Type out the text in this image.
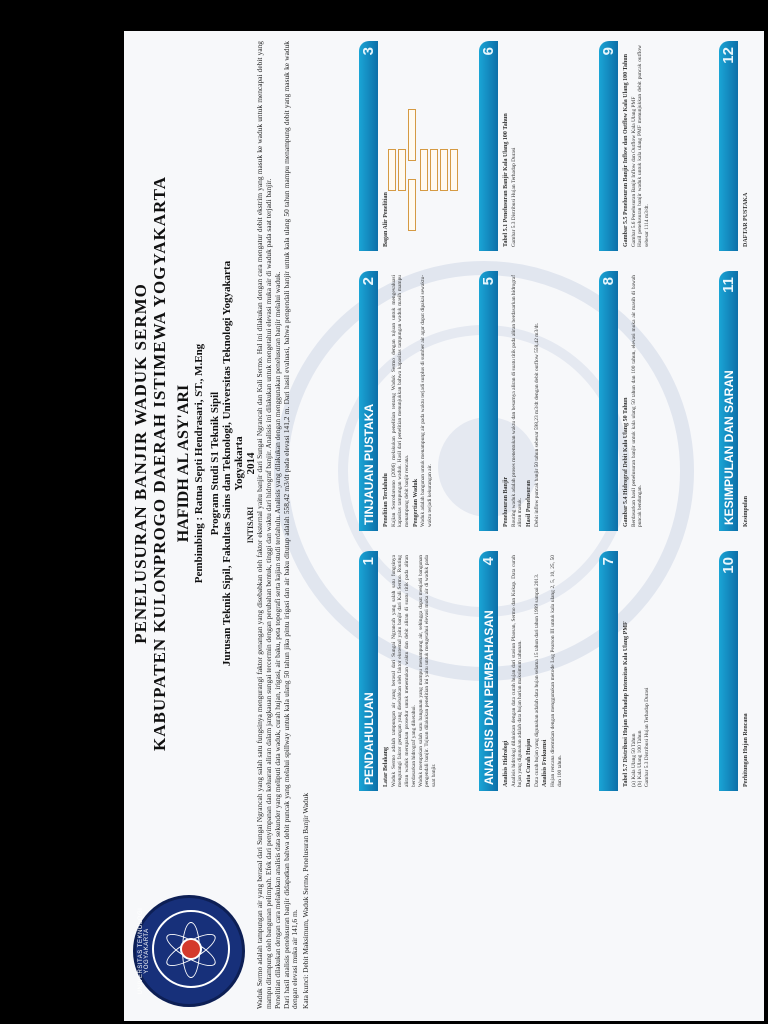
UNIVERSITAS TEKNOLOGI YOGYAKARTA
PENELUSURAN BANJIR WADUK SERMO KABUPATEN KULONPROGO DAERAH ISTIMEWA YOGYAKARTA HAFIDH AL ASY'ARI Pembimbing : Ratna Septi Hendrasari, ST., M.Eng Program Studi S1 Teknik Sipil Jurusan Teknik Sipil, Fakultas Sains dan Teknologi, Universitas Teknologi Yogyakarta Yogyakarta 2014
INTISARI Waduk Sermo adalah tampungan air yang berasal dari Sungai Ngrancah yang salah satu fungsinya mengurangi faktor genangan yang disebabkan oleh faktor eksternal yaitu banjir dari Sungai Ngrancah dan Kali Sermo. Hal ini dilakukan dengan cara mengatur debit ekstrim yang masuk ke waduk untuk mencapai debit yang mampu ditampung oleh bangunan pelimpah. Efek dari penyimpanan dan keluaran aliran dalam jangkauan sungai tercermin dengan perubahan bentuk, tinggi dan waktu dari hidrograf banjir. Analisis ini dilakukan untuk mengetahui elevasi muka air di waduk pada saat terjadi banjir. Penelitian dilakukan dengan cara melakukan analisis data sekunder yang meliputi data waduk, curah hujan, irigasi, air baku, peta topografi serta kajian studi terdahulu. Analisis yang dilakukan dengan menggunakan penelusuran banjir melalui waduk. Dari hasil analisis penelusuran banjir didapatkan bahwa debit puncak yang melalui spillway untuk kala ulang 50 tahun jika pintu irigasi dan air baku ditutup adalah 558,42 m3/dt pada elevasi 141,2 m. Dari hasil evaluasi, bahwa pengendali banjir untuk kala ulang 50 tahun mampu menampung debit yang masuk ke waduk dengan elevasi muka air 141,6 m. Kata kunci: Debit Maksimum, Waduk Sermo, Penelusuran Banjir Waduk
PENDAHULUAN
1
Latar Belakang Waduk Sermo adalah tampungan air yang berasal dari Sungai Ngrancah yang salah satu fungsinya mengurangi faktor genangan yang disebabkan oleh faktor eksternal yaitu banjir dari Kali Sermo. Routing aliran waduk merupakan prosedur untuk menentukan waktu dan debit aliran di suatu titik pada aliran berdasarkan hidrograf yang diketahui. Waduk merupakan salah satu bangunan yang mampu menampung air, sehingga dapat menjadi bangunan pengendali banjir. Tujuan dilakukan penelitian ini yaitu untuk mengetahui elevasi muka air di waduk pada saat banjir.
TINJAUAN PUSTAKA
2
Penelitian Terdahulu Kajian Sosrodarsono (2006) melakukan penelitian tentang Waduk Sermo dengan tujuan untuk mengevaluasi kapasitas tampungan waduk. Hasil dari penelitian menunjukkan bahwa kapasitas tampungan waduk masih mampu menampung debit banjir rencana. Pengertian Waduk Waduk adalah bangunan untuk menampung air pada waktu terjadi surplus di sumber air agar dapat dipakai sewaktu-waktu terjadi kekurangan air.
3
Bagan Alir Penelitian
ANALISIS DAN PEMBAHASAN
4
Analisis Hidrologi Analisis hidrologi dilakukan dengan data curah hujan dari stasiun Plaosan, Sermo dan Kokap. Data curah hujan yang digunakan adalah data hujan harian maksimum tahunan. Data Curah Hujan Data curah hujan yang digunakan adalah data hujan selama 15 tahun dari tahun 1999 sampai 2013. Analisis Frekuensi Hujan rencana ditentukan dengan menggunakan metode Log Pearson III untuk kala ulang 2, 5, 10, 25, 50 dan 100 tahun.
5
Penelusuran Banjir Routing waduk adalah proses menentukan waktu dan besarnya aliran di suatu titik pada aliran berdasarkan hidrograf aliran masuk. Hasil Penelusuran Debit inflow puncak banjir 50 tahun sebesar 598,23 m3/dt dengan debit outflow 558,42 m3/dt.
6
Tabel 5.1 Penelusuran Banjir Kala Ulang 100 Tahun Gambar 5.3 Distribusi Hujan Terhadap Durasi
7
Tabel 5.7 Distribusi Hujan Terhadap Intensitas Kala Ulang PMF (a) Kala Ulang 50 Tahun (b) Kala Ulang 100 Tahun Gambar 5.3 Distribusi Hujan Terhadap Durasi
8
Gambar 5.4 Hidrograf Debit Kala Ulang 50 Tahun Berdasarkan hasil penelusuran banjir untuk kala ulang 50 tahun dan 100 tahun, elevasi muka air masih di bawah puncak bendungan.
9
Gambar 5.5 Penelusuran Banjir Inflow dan Outflow Kala Ulang 100 Tahun Gambar 5.6 Penelusuran Banjir Inflow dan Outflow Kala Ulang PMF Hasil penelusuran banjir waduk untuk kala ulang PMF menunjukkan debit puncak outflow sebesar 1114 m3/dt.
10
Perhitungan Hujan Rencana
KESIMPULAN DAN SARAN
11
Kesimpulan
12
DAFTAR PUSTAKA
